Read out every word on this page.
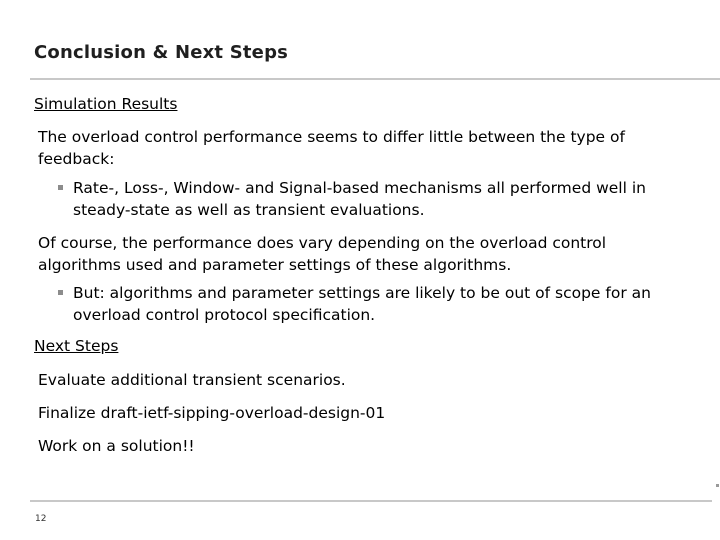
Conclusion & Next Steps
Simulation Results
The overload control performance seems to differ little between the type of feedback:
Rate-, Loss-, Window- and Signal-based mechanisms all performed well in steady-state as well as transient evaluations.
Of course, the performance does vary depending on the overload control algorithms used and parameter settings of these algorithms.
But: algorithms and parameter settings are likely to be out of scope for an overload control protocol specification.
Next Steps
Evaluate additional transient scenarios.
Finalize draft-ietf-sipping-overload-design-01
Work on a solution!!
12
